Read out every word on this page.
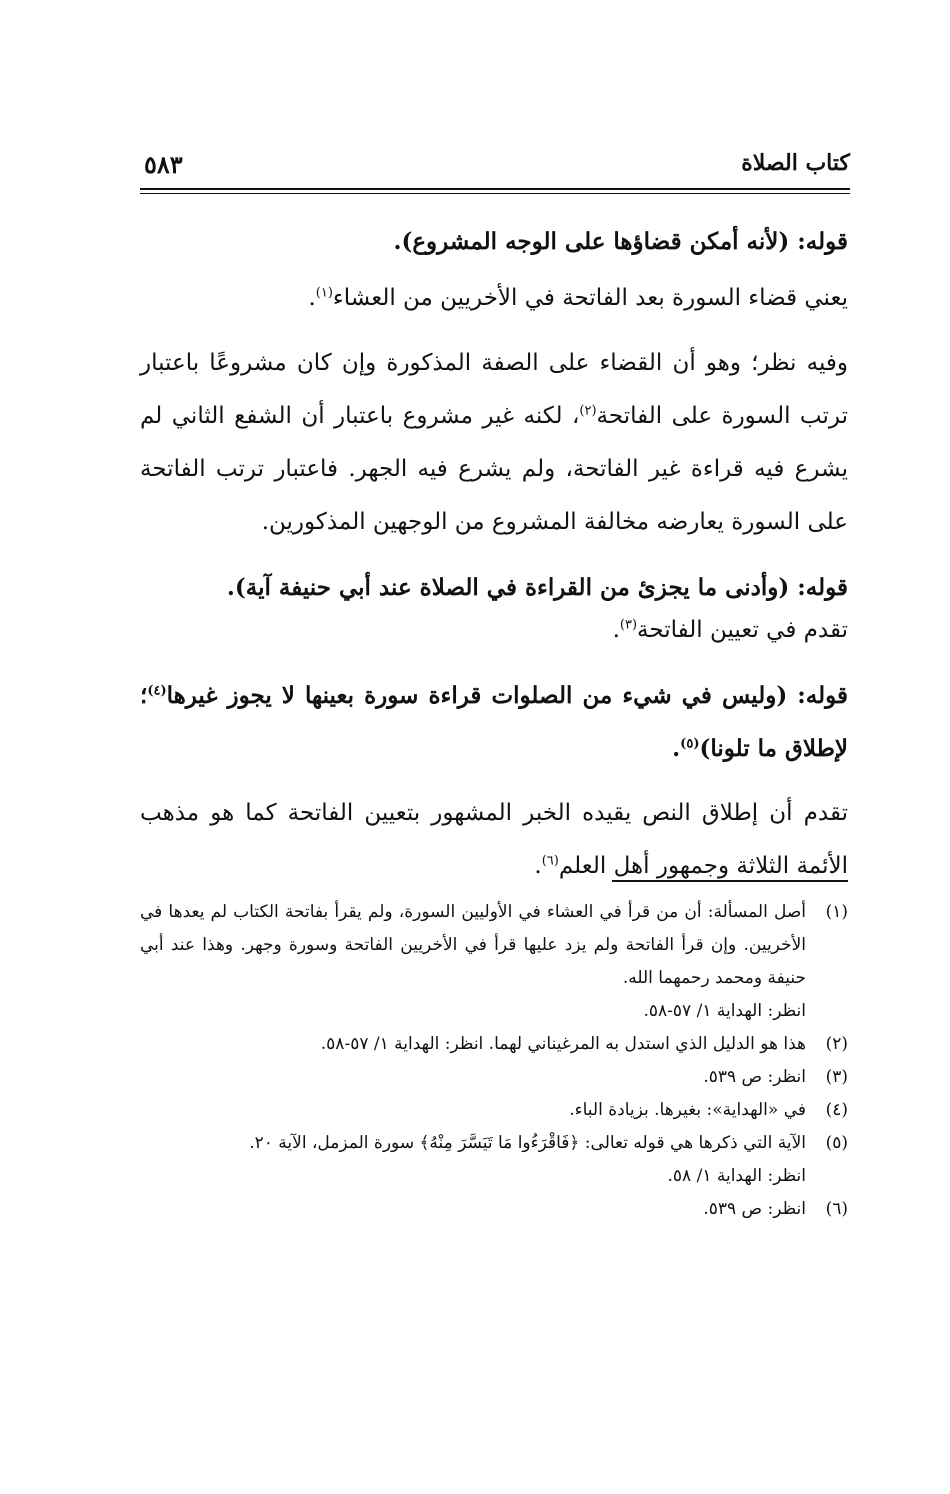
كتاب الصلاة
٥٨٣

قوله: (لأنه أمكن قضاؤها على الوجه المشروع).

يعني قضاء السورة بعد الفاتحة في الأخريين من العشاء$^{(١)}$.

وفيه نظر؛ وهو أن القضاء على الصفة المذكورة وإن كان مشروعًا باعتبار ترتب السورة على الفاتحة$^{(٢)}$، لكنه غير مشروع باعتبار أن الشفع الثاني لم يشرع فيه قراءة غير الفاتحة، ولم يشرع فيه الجهر. فاعتبار ترتب الفاتحة على السورة يعارضه مخالفة المشروع من الوجهين المذكورين.

قوله: (وأدنى ما يجزئ من القراءة في الصلاة عند أبي حنيفة آية).

تقدم في تعيين الفاتحة$^{(٣)}$.

قوله: (وليس في شيء من الصلوات قراءة سورة بعينها لا يجوز غيرها$^{(٤)}$؛ لإطلاق ما تلونا)$^{(٥)}$.

تقدم أن إطلاق النص يقيده الخبر المشهور بتعيين الفاتحة كما هو مذهب الأئمة الثلاثة وجمهور أهل العلم$^{(٦)}$.

(١)
أصل المسألة: أن من قرأ في العشاء في الأوليين السورة، ولم يقرأ بفاتحة الكتاب لم يعدها في الأخريين. وإن قرأ الفاتحة ولم يزد عليها قرأ في الأخريين الفاتحة وسورة وجهر. وهذا عند أبي حنيفة ومحمد رحمهما الله.

انظر: الهداية ١/ ٥٧-٥٨.

(٢)
هذا هو الدليل الذي استدل به المرغيناني لهما. انظر: الهداية ١/ ٥٧-٥٨.

(٣)
انظر: ص ٥٣٩.

(٤)
في «الهداية»: بغيرها. بزيادة الباء.

(٥)
الآية التي ذكرها هي قوله تعالى: ﴿فَاقْرَءُوا مَا تَيَسَّرَ مِنْهُ﴾ سورة المزمل، الآية ٢٠.

انظر: الهداية ١/ ٥٨.

(٦)
انظر: ص ٥٣٩.
